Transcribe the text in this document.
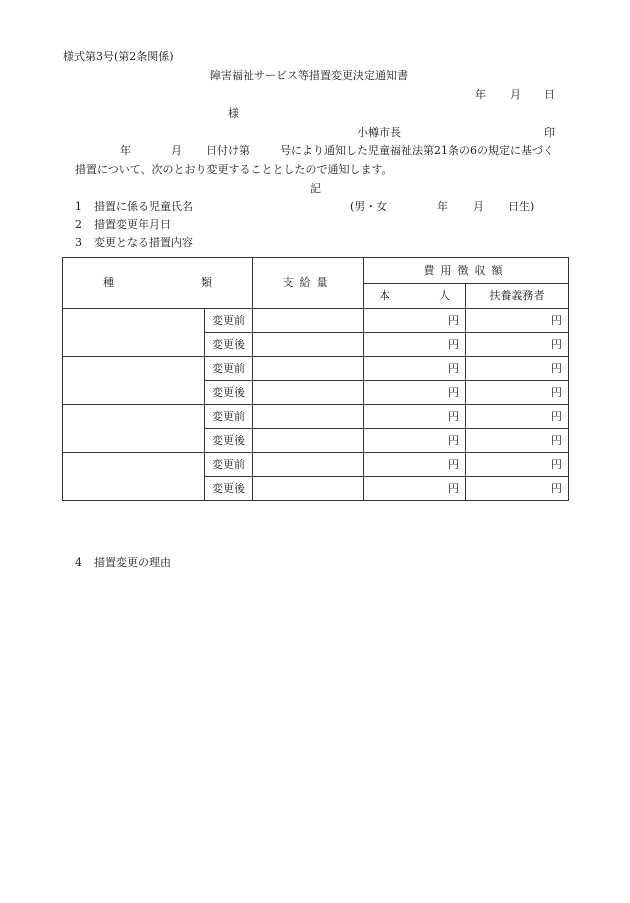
様式第3号(第2条関係)
障害福祉サービス等措置変更決定通知書
年 月 日
様
小樽市長	印
年	月 日付け第	号により通知した児童福祉法第21条の6の規定に基づく
措置について、次のとおり変更することとしたので通知します。
記
1 措置に係る児童氏名	(男・女	年 月 日生)
2 措置変更年月日
3 変更となる措置内容
種 類		支給量	費用徴収額	
			本 人	扶養義務者
	変更前		円	円
	変更後		円	円
	変更前		円	円
	変更後		円	円
	変更前		円	円
	変更後		円	円
	変更前		円	円
	変更後		円	円
4 措置変更の理由
